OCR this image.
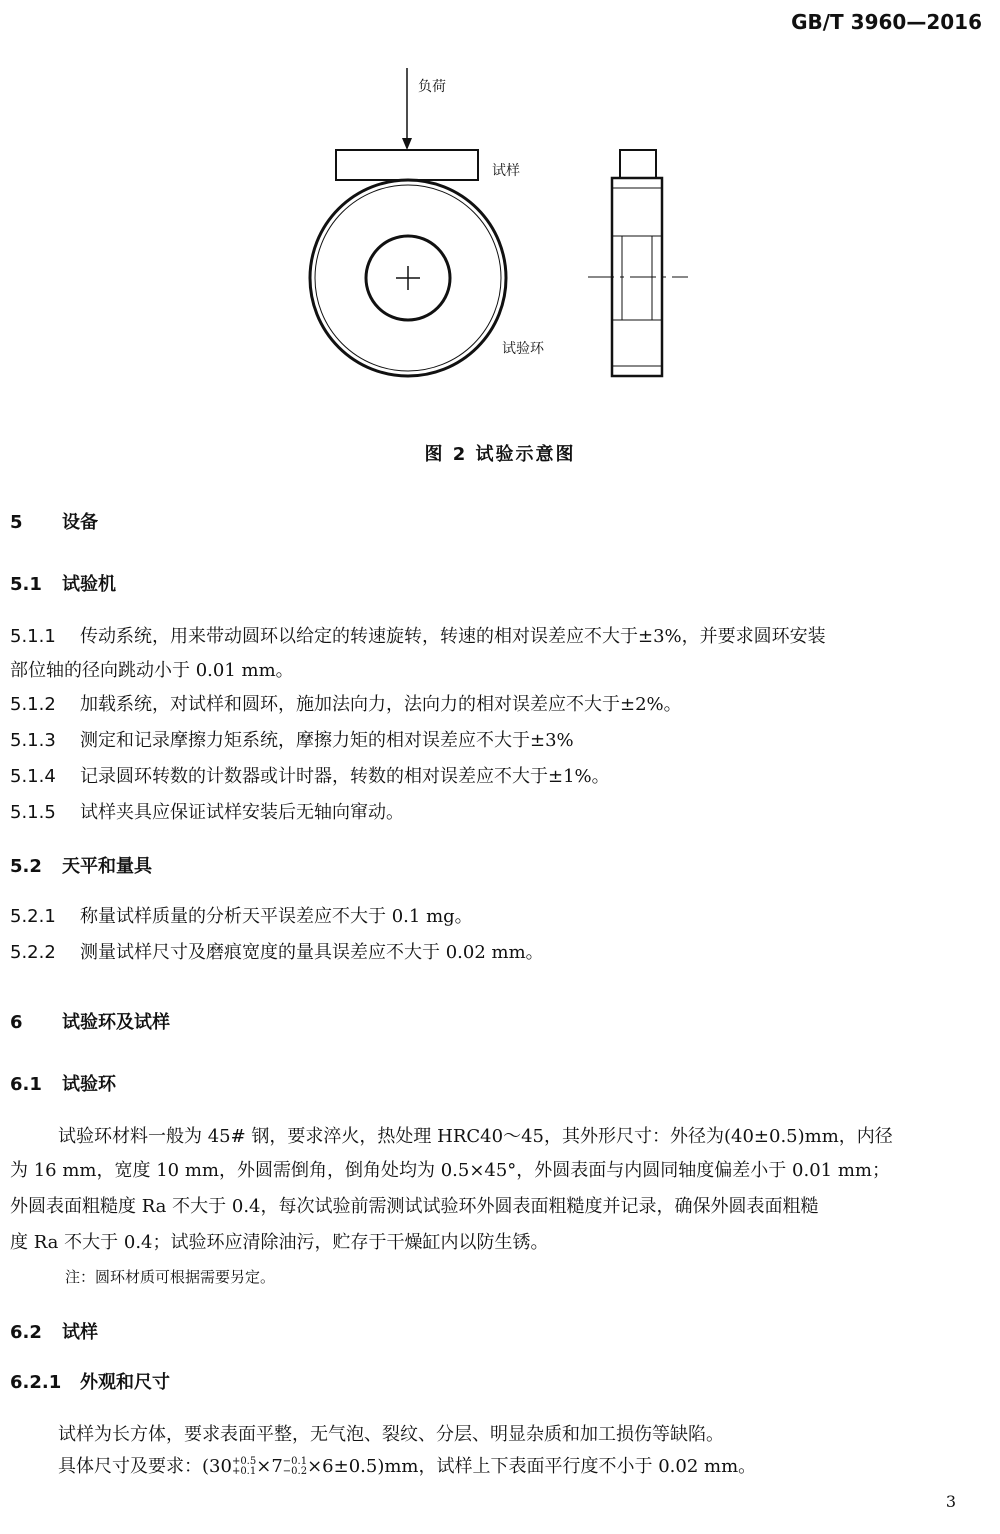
GB/T 3960—2016
负荷
试样
试验环
图 2 试验示意图
5 设备
5.1 试验机
5.1.1 传动系统，用来带动圆环以给定的转速旋转，转速的相对误差应不大于±3%，并要求圆环安装
部位轴的径向跳动小于 0.01 mm。
5.1.2 加载系统，对试样和圆环，施加法向力，法向力的相对误差应不大于±2%。
5.1.3 测定和记录摩擦力矩系统，摩擦力矩的相对误差应不大于±3%
5.1.4 记录圆环转数的计数器或计时器，转数的相对误差应不大于±1%。
5.1.5 试样夹具应保证试样安装后无轴向窜动。
5.2 天平和量具
5.2.1 称量试样质量的分析天平误差应不大于 0.1 mg。
5.2.2 测量试样尺寸及磨痕宽度的量具误差应不大于 0.02 mm。
6 试验环及试样
6.1 试验环
试验环材料一般为 45# 钢，要求淬火，热处理 HRC40～45，其外形尺寸：外径为(40±0.5)mm，内径
为 16 mm，宽度 10 mm，外圆需倒角，倒角处均为 0.5×45°，外圆表面与内圆同轴度偏差小于 0.01 mm；
外圆表面粗糙度 Ra 不大于 0.4，每次试验前需测试试验环外圆表面粗糙度并记录，确保外圆表面粗糙
度 Ra 不大于 0.4；试验环应清除油污，贮存于干燥缸内以防生锈。
注：圆环材质可根据需要另定。
6.2 试样
6.2.1 外观和尺寸
试样为长方体，要求表面平整，无气泡、裂纹、分层、明显杂质和加工损伤等缺陷。
具体尺寸及要求：(30 +0.5
+0.1 ×7 −0.1
−0.2 ×6±0.5)mm，试样上下表面平行度不小于 0.02 mm。
3
